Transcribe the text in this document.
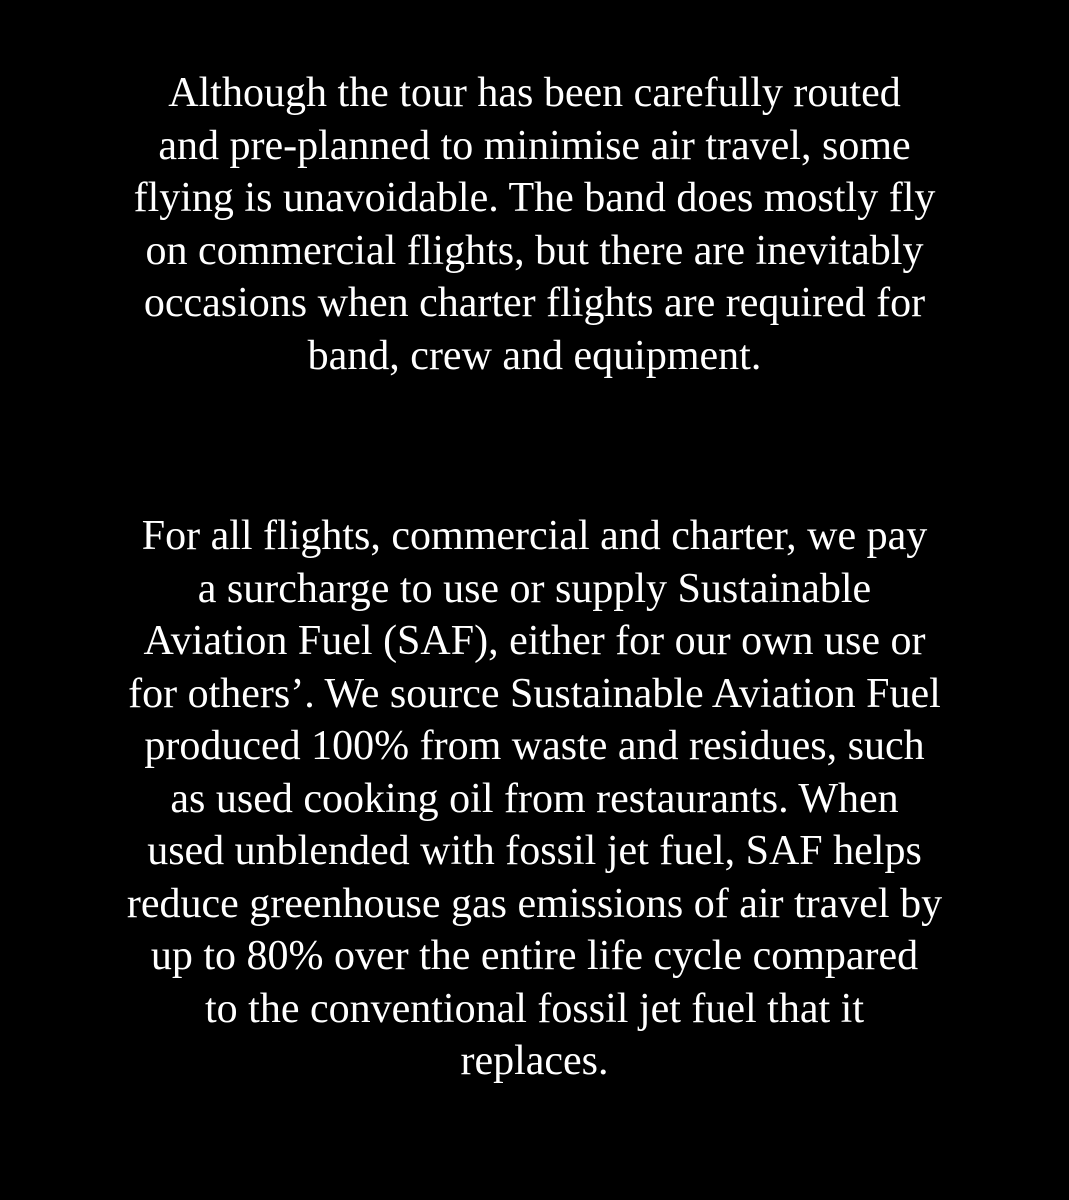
Although the tour has been carefully routed
and pre-planned to minimise air travel, some
flying is unavoidable. The band does mostly fly
on commercial flights, but there are inevitably
occasions when charter flights are required for
band, crew and equipment.

For all flights, commercial and charter, we pay
a surcharge to use or supply Sustainable
Aviation Fuel (SAF), either for our own use or
for others’. We source Sustainable Aviation Fuel
produced 100% from waste and residues, such
as used cooking oil from restaurants. When
used unblended with fossil jet fuel, SAF helps
reduce greenhouse gas emissions of air travel by
up to 80% over the entire life cycle compared
to the conventional fossil jet fuel that it
replaces.
